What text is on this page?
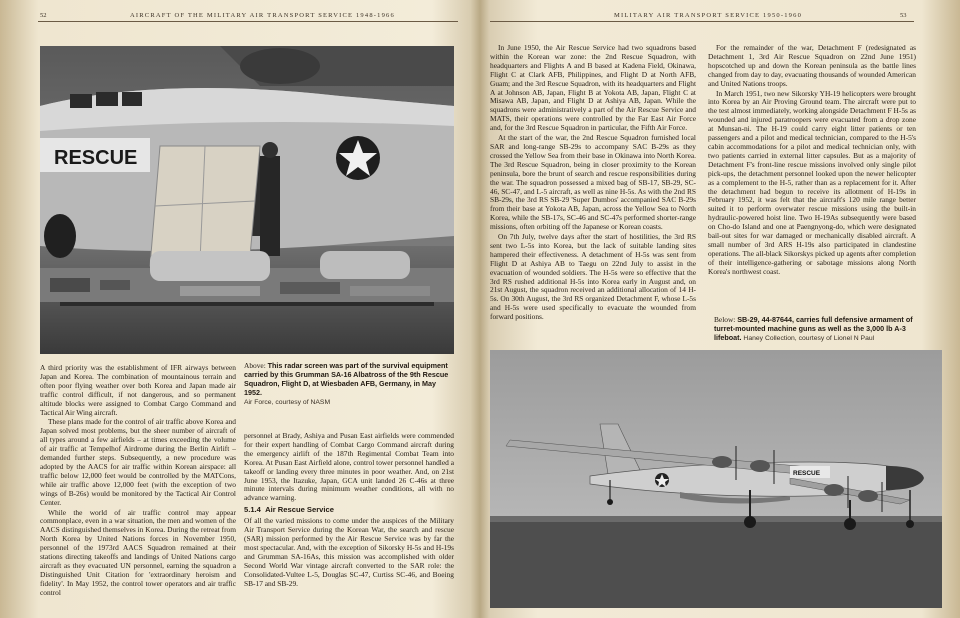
52	AIRCRAFT OF THE MILITARY AIR TRANSPORT SERVICE 1948-1966
RESCUE

A third priority was the establishment of IFR airways between Japan and Korea. The combination of mountainous terrain and often poor flying weather over both Korea and Japan made air traffic control difficult, if not dangerous, and so permanent altitude blocks were assigned to Combat Cargo Command and Tactical Air Wing aircraft.

These plans made for the control of air traffic above Korea and Japan solved most problems, but the sheer number of aircraft of all types around a few airfields – at times exceeding the volume of air traffic at Tempelhof Airdrome during the Berlin Airlift – demanded further steps. Subsequently, a new procedure was adopted by the AACS for air traffic within Korean airspace: all traffic below 12,000 feet would be controlled by the MATCons, while air traffic above 12,000 feet (with the exception of two wings of B-26s) would be monitored by the Tactical Air Control Center.

While the world of air traffic control may appear commonplace, even in a war situation, the men and women of the AACS distinguished themselves in Korea. During the retreat from North Korea by United Nations forces in November 1950, personnel of the 1973rd AACS Squadron remained at their stations directing takeoffs and landings of United Nations cargo aircraft as they evacuated UN personnel, earning the squadron a Distinguished Unit Citation for 'extraordinary heroism and fidelity'. In May 1952, the control tower operators and air traffic control

Above: This radar screen was part of the survival equipment carried by this Grumman SA-16 Albatross of the 9th Rescue Squadron, Flight D, at Wiesbaden AFB, Germany, in May 1952.
Air Force, courtesy of NASM

personnel at Brady, Ashiya and Pusan East airfields were commended for their expert handling of Combat Cargo Command aircraft during the emergency airlift of the 187th Regimental Combat Team into Korea. At Pusan East Airfield alone, control tower personnel handled a takeoff or landing every three minutes in poor weather. And, on 21st June 1953, the Itazuke, Japan, GCA unit landed 26 C-46s at three minute intervals during minimum weather conditions, all with no advance warning.

5.1.4 Air Rescue Service

Of all the varied missions to come under the auspices of the Military Air Transport Service during the Korean War, the search and rescue (SAR) mission performed by the Air Rescue Service was by far the most spectacular. And, with the exception of Sikorsky H-5s and H-19s and Grumman SA-16As, this mission was accomplished with older Second World War vintage aircraft converted to the SAR role: the Consolidated-Vultee L-5, Douglas SC-47, Curtiss SC-46, and Boeing SB-17 and SB-29.

MILITARY AIR TRANSPORT SERVICE 1950-1960	53

In June 1950, the Air Rescue Service had two squadrons based within the Korean war zone: the 2nd Rescue Squadron, with headquarters and Flights A and B based at Kadena Field, Okinawa, Flight C at Clark AFB, Philippines, and Flight D at North AFB, Guam; and the 3rd Rescue Squadron, with its headquarters and Flight A at Johnson AB, Japan, Flight B at Yokota AB, Japan, Flight C at Misawa AB, Japan, and Flight D at Ashiya AB, Japan. While the squadrons were administratively a part of the Air Rescue Service and MATS, their operations were controlled by the Far East Air Force and, for the 3rd Rescue Squadron in particular, the Fifth Air Force.

At the start of the war, the 2nd Rescue Squadron furnished local SAR and long-range SB-29s to accompany SAC B-29s as they crossed the Yellow Sea from their base in Okinawa into North Korea. The 3rd Rescue Squadron, being in closer proximity to the Korean peninsula, bore the brunt of search and rescue responsibilities during the war. The squadron possessed a mixed bag of SB-17, SB-29, SC-46, SC-47, and L-5 aircraft, as well as nine H-5s. As with the 2nd RS SB-29s, the 3rd RS SB-29 'Super Dumbos' accompanied SAC B-29s from their base at Yokota AB, Japan, across the Yellow Sea to North Korea, while the SB-17s, SC-46 and SC-47s performed shorter-range missions, often orbiting off the Japanese or Korean coasts.

On 7th July, twelve days after the start of hostilities, the 3rd RS sent two L-5s into Korea, but the lack of suitable landing sites hampered their effectiveness. A detachment of H-5s was sent from Flight D at Ashiya AB to Taegu on 22nd July to assist in the evacuation of wounded soldiers. The H-5s were so effective that the 3rd RS rushed additional H-5s into Korea early in August and, on 21st August, the squadron received an additional allocation of 14 H-5s. On 30th August, the 3rd RS organized Detachment F, whose L-5s and H-5s were used specifically to evacuate the wounded from forward positions.

For the remainder of the war, Detachment F (redesignated as Detachment 1, 3rd Air Rescue Squadron on 22nd June 1951) hopscotched up and down the Korean peninsula as the battle lines changed from day to day, evacuating thousands of wounded American and United Nations troops.

In March 1951, two new Sikorsky YH-19 helicopters were brought into Korea by an Air Proving Ground team. The aircraft were put to the test almost immediately, working alongside Detachment F H-5s as wounded and injured paratroopers were evacuated from a drop zone at Munsan-ni. The H-19 could carry eight litter patients or ten passengers and a pilot and medical technician, compared to the H-5's cabin accommodations for a pilot and medical technician only, with two patients carried in external litter capsules. But as a majority of Detachment F's front-line rescue missions involved only single pilot pick-ups, the detachment personnel looked upon the newer helicopter as a complement to the H-5, rather than as a replacement for it. After the detachment had begun to receive its allotment of H-19s in February 1952, it was felt that the aircraft's 120 mile range better suited it to perform overwater rescue missions using the built-in hydraulic-powered hoist line. Two H-19As subsequently were based on Cho-do Island and one at Paengnyong-do, which were designated bail-out sites for war damaged or mechanically disabled aircraft. A small number of 3rd ARS H-19s also participated in clandestine operations. The all-black Sikorskys picked up agents after completion of their intelligence-gathering or sabotage missions along North Korea's northwest coast.

Below: SB-29, 44-87644, carries full defensive armament of turret-mounted machine guns as well as the 3,000 lb A-3 lifeboat. Haney Collection, courtesy of Lionel N Paul
RESCUE
